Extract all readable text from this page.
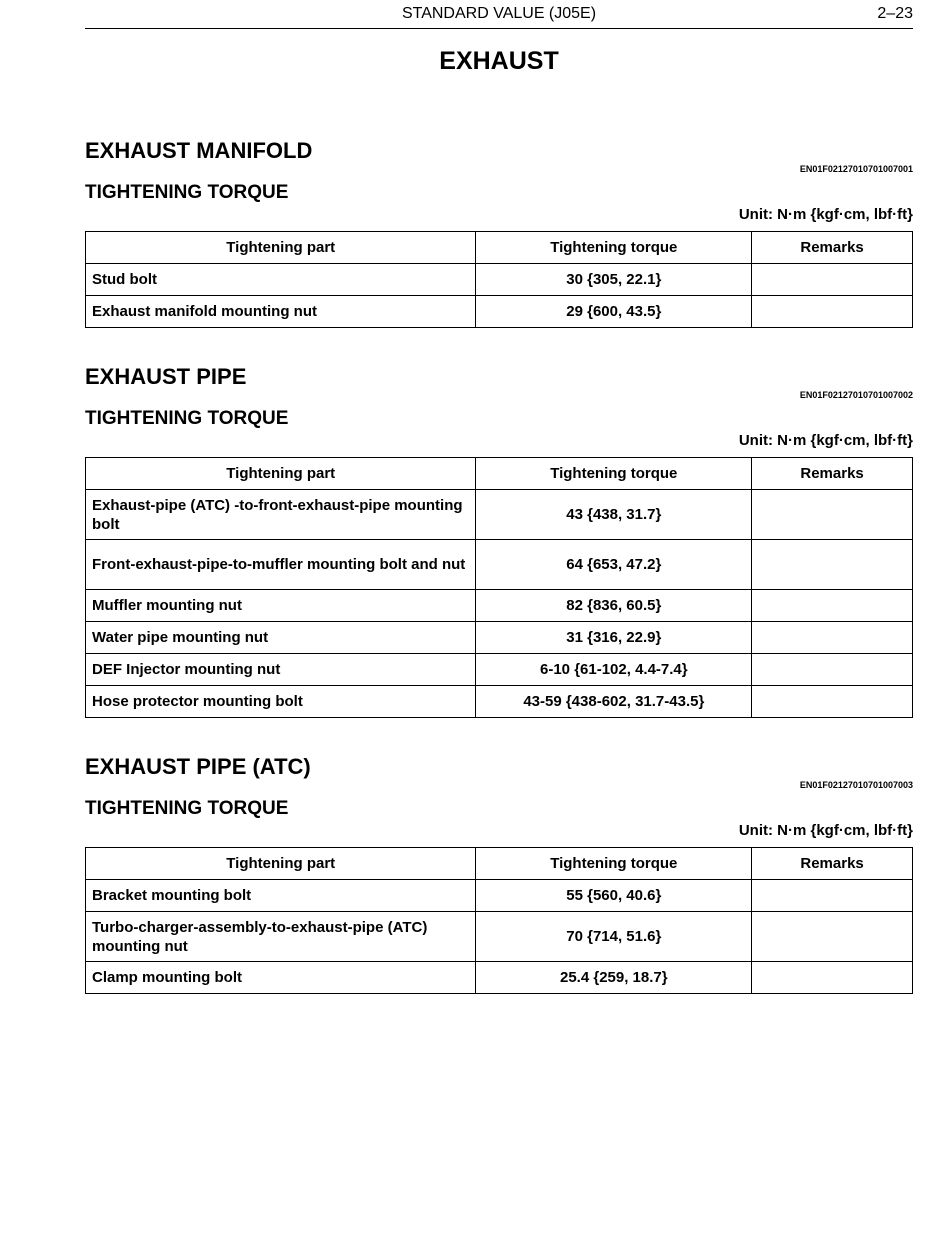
STANDARD VALUE (J05E)	2–23
EXHAUST
EXHAUST MANIFOLD
EN01F02127010701007001
TIGHTENING TORQUE
Unit: N·m {kgf·cm, lbf·ft}
Tightening part	Tightening torque	Remarks
Stud bolt	30 {305, 22.1}	
Exhaust manifold mounting nut	29 {600, 43.5}	
EXHAUST PIPE
EN01F02127010701007002
TIGHTENING TORQUE
Unit: N·m {kgf·cm, lbf·ft}
Tightening part	Tightening torque	Remarks
Exhaust-pipe (ATC) -to-front-exhaust-pipe mounting bolt	43 {438, 31.7}	
Front-exhaust-pipe-to-muffler mounting bolt and nut	64 {653, 47.2}	
Muffler mounting nut	82 {836, 60.5}	
Water pipe mounting nut	31 {316, 22.9}	
DEF Injector mounting nut	6-10 {61-102, 4.4-7.4}	
Hose protector mounting bolt	43-59 {438-602, 31.7-43.5}	
EXHAUST PIPE (ATC)
EN01F02127010701007003
TIGHTENING TORQUE
Unit: N·m {kgf·cm, lbf·ft}
Tightening part	Tightening torque	Remarks
Bracket mounting bolt	55 {560, 40.6}	
Turbo-charger-assembly-to-exhaust-pipe (ATC) mounting nut	70 {714, 51.6}	
Clamp mounting bolt	25.4 {259, 18.7}	
